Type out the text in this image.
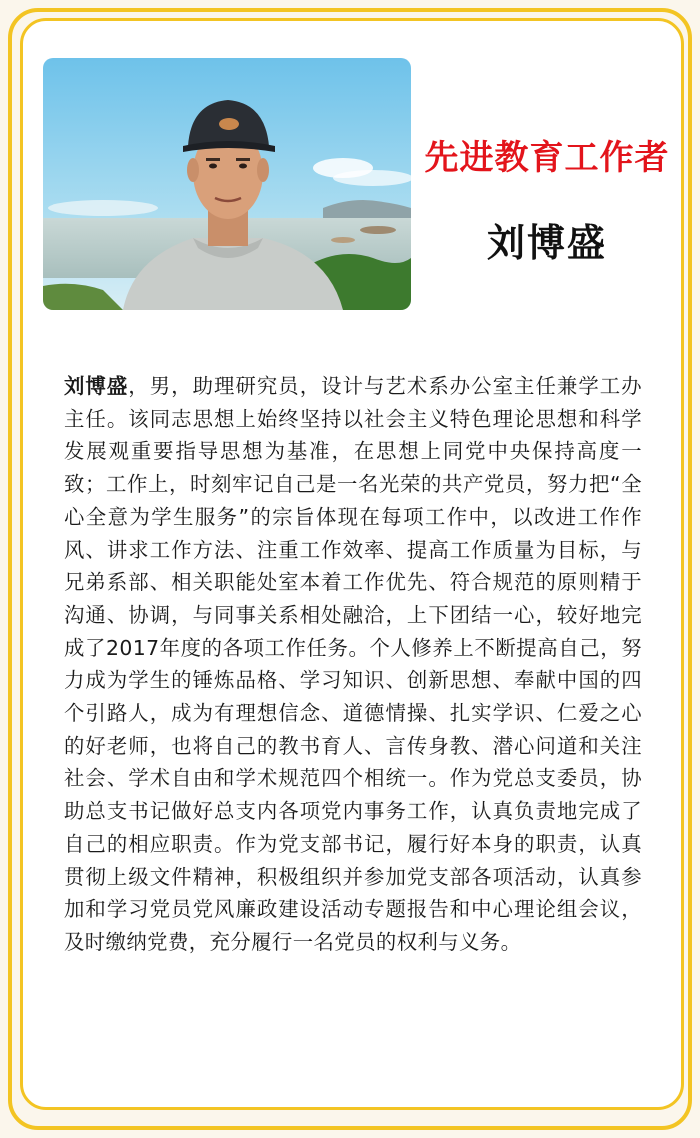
先进教育工作者
刘博盛

刘博盛，男，助理研究员，设计与艺术系办公室主任兼学工办主任。该同志思想上始终坚持以社会主义特色理论思想和科学发展观重要指导思想为基准，在思想上同党中央保持高度一致；工作上，时刻牢记自己是一名光荣的共产党员，努力把“全心全意为学生服务”的宗旨体现在每项工作中，以改进工作作风、讲求工作方法、注重工作效率、提高工作质量为目标，与兄弟系部、相关职能处室本着工作优先、符合规范的原则精于沟通、协调，与同事关系相处融洽，上下团结一心，较好地完成了2017年度的各项工作任务。个人修养上不断提高自己，努力成为学生的锤炼品格、学习知识、创新思想、奉献中国的四个引路人，成为有理想信念、道德情操、扎实学识、仁爱之心的好老师，也将自己的教书育人、言传身教、潜心问道和关注社会、学术自由和学术规范四个相统一。作为党总支委员，协助总支书记做好总支内各项党内事务工作，认真负责地完成了自己的相应职责。作为党支部书记，履行好本身的职责，认真贯彻上级文件精神，积极组织并参加党支部各项活动，认真参加和学习党员党风廉政建设活动专题报告和中心理论组会议，及时缴纳党费，充分履行一名党员的权利与义务。
